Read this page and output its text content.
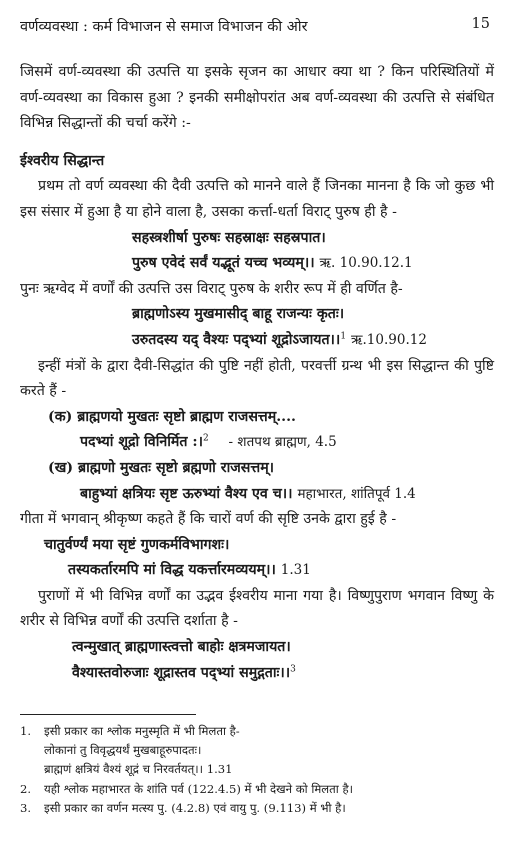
वर्णव्यवस्था : कर्म विभाजन से समाज विभाजन की ओर	15

जिसमें वर्ण-व्यवस्था की उत्पत्ति या इसके सृजन का आधार क्या था ? किन परिस्थितियों में वर्ण-व्यवस्था का विकास हुआ ? इनकी समीक्षोपरांत अब वर्ण-व्यवस्था की उत्पत्ति से संबंधित विभिन्न सिद्धान्तों की चर्चा करेंगे :-

ईश्वरीय सिद्धान्त

प्रथम तो वर्ण व्यवस्था की दैवी उत्पत्ति को मानने वाले हैं जिनका मानना है कि जो कुछ भी इस संसार में हुआ है या होने वाला है, उसका कर्त्ता-धर्ता विराट् पुरुष ही है -

सहस्त्रशीर्षा पुरुषः सहस्राक्षः सहस्रपात।

पुरुष एवेदं सर्वं यद्भूतं यच्च भव्यम्।। ऋ. 10.90.12.1

पुनः ऋग्वेद में वर्णों की उत्पत्ति उस विराट् पुरुष के शरीर रूप में ही वर्णित है-

ब्राह्मणोऽस्य मुखमासीद् बाहू राजन्यः कृतः।

उरुतदस्य यद् वैश्यः पद्भ्यां शूद्रोऽजायत।।$^1$ ऋ.10.90.12

इन्हीं मंत्रों के द्वारा दैवी-सिद्धांत की पुष्टि नहीं होती, परवर्त्ती ग्रन्थ भी इस सिद्धान्त की पुष्टि करते हैं -

(क) ब्राह्मणयो मुखतः सृष्टो ब्राह्मण राजसत्तम्....

पदभ्यां शूद्रो विनिर्मित :।$^2$ - शतपथ ब्राह्मण, 4.5

(ख) ब्राह्मणो मुखतः सृष्टो ब्रह्मणो राजसत्तम्।

बाहुभ्यां क्षत्रियः सृष्ट ऊरुभ्यां वैश्य एव च।। महाभारत, शांतिपूर्व 1.4

गीता में भगवान् श्रीकृष्ण कहते हैं कि चारों वर्ण की सृष्टि उनके द्वारा हुई है -

चातुर्वर्ण्यं मया सृष्टं गुणकर्मविभागशः।

तस्यकर्तारमपि मां विद्ध यकर्त्तारमव्ययम्।। 1.31

पुराणों में भी विभिन्न वर्णों का उद्भव ईश्वरीय माना गया है। विष्णुपुराण भगवान विष्णु के शरीर से विभिन्न वर्णों की उत्पत्ति दर्शाता है -

त्वन्मुखात् ब्राह्मणास्त्वत्तो बाहोः क्षत्रमजायत।

वैश्यास्तवोरुजाः शूद्रास्तव पद्भ्यां समुद्गताः।।$^3$

1.	इसी प्रकार का श्लोक मनुस्मृति में भी मिलता है-
लोकानां तु विवृद्धयर्थं मुखबाहूरुपादतः।
ब्राह्मणं क्षत्रियं वैश्यं शूद्रं च निरवर्तयत्।। 1.31
2.	यही श्लोक महाभारत के शांति पर्व (122.4.5) में भी देखने को मिलता है।
3.	इसी प्रकार का वर्णन मत्स्य पु. (4.2.8) एवं वायु पु. (9.113) में भी है।
